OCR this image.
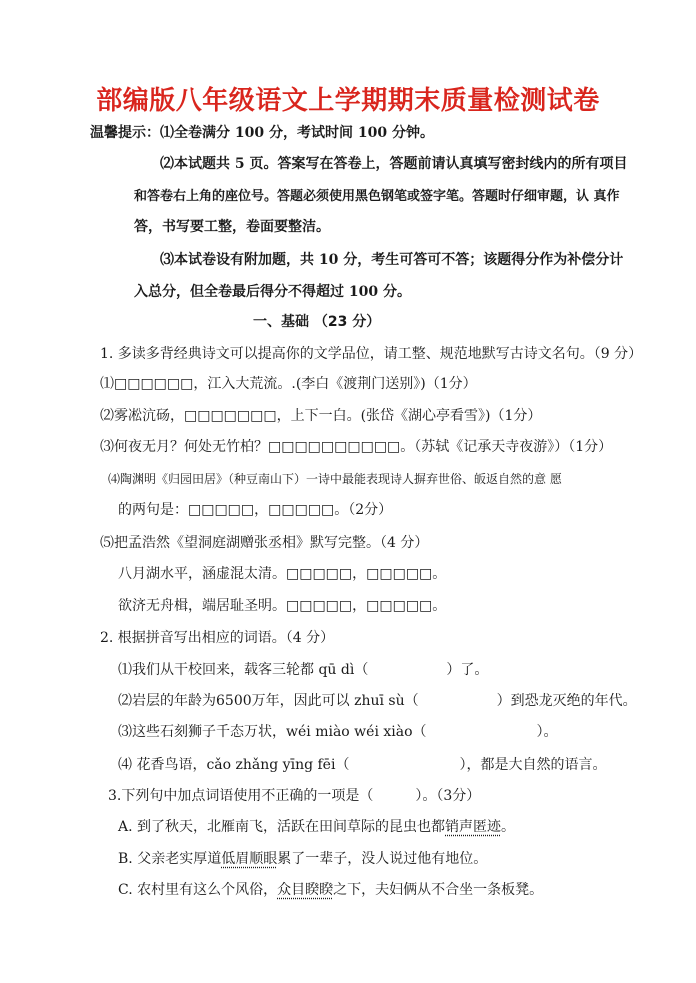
部编版八年级语文上学期期末质量检测试卷
温馨提示：⑴全卷满分 100 分，考试时间 100 分钟。
⑵本试题共 5 页。答案写在答卷上，答题前请认真填写密封线内的所有项目
和答卷右上角的座位号。答题必须使用黑色钢笔或签字笔。答题时仔细审题，认 真作
答，书写要工整，卷面要整洁。
⑶本试卷设有附加题，共 10 分，考生可答可不答；该题得分作为补偿分计
入总分，但全卷最后得分不得超过 100 分。
一、基础 （23 分）
1. 多读多背经典诗文可以提高你的文学品位，请工整、规范地默写古诗文名句。（9 分）
⑴□□□□□□，江入大荒流。.(李白《渡荆门送别》)（1分）
⑵雾凇沆砀，□□□□□□□，上下一白。(张岱《湖心亭看雪》)（1分）
⑶何夜无月？何处无竹柏？□□□□□□□□□□。（苏轼《记承天寺夜游》）（1分）
⑷陶渊明《归园田居》（种豆南山下）一诗中最能表现诗人摒弃世俗、皈返自然的意 愿
的两句是：□□□□□，□□□□□。（2分）
⑸把孟浩然《望洞庭湖赠张丞相》默写完整。（4 分）
八月湖水平，涵虚混太清。□□□□□，□□□□□。
欲济无舟楫，端居耻圣明。□□□□□，□□□□□。
2. 根据拼音写出相应的词语。（4 分）
⑴我们从干校回来，载客三轮都 qū dì（	）了。
⑵岩层的年龄为6500万年，因此可以 zhuī sù（	）到恐龙灭绝的年代。
⑶这些石刻狮子千态万状，wéi miào wéi xiào（	）。
⑷ 花香鸟语，cǎo zhǎng yīng fēi（	），都是大自然的语言。
3.下列句中加点词语使用不正确的一项是（	）。（3分）
A. 到了秋天，北雁南飞，活跃在田间草际的昆虫也都销声匿迹。
B. 父亲老实厚道低眉顺眼累了一辈子，没人说过他有地位。
C. 农村里有这么个风俗，众目睽睽之下，夫妇俩从不合坐一条板凳。
